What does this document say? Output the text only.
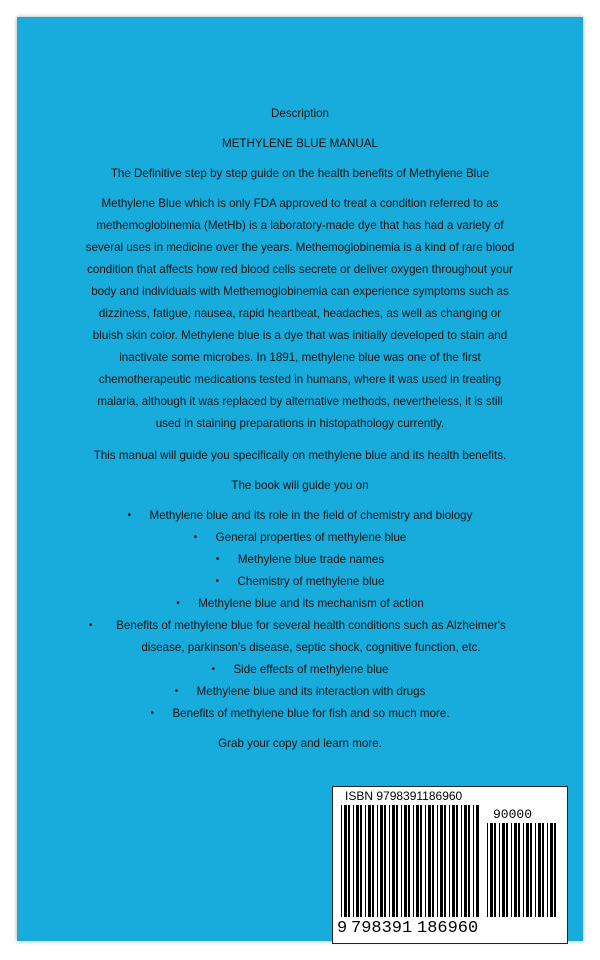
Description

METHYLENE BLUE MANUAL

The Definitive step by step guide on the health benefits of Methylene Blue

Methylene Blue which is only FDA approved to treat a condition referred to as methemoglobinemia (MetHb) is a laboratory-made dye that has had a variety of several uses in medicine over the years. Methemoglobinemia is a kind of rare blood condition that affects how red blood cells secrete or deliver oxygen throughout your body and individuals with Methemoglobinemia can experience symptoms such as dizziness, fatigue, nausea, rapid heartbeat, headaches, as well as changing or bluish skin color. Methylene blue is a dye that was initially developed to stain and inactivate some microbes. In 1891, methylene blue was one of the first chemotherapeutic medications tested in humans, where it was used in treating malaria, although it was replaced by alternative methods, nevertheless, it is still used in staining preparations in histopathology currently.

This manual will guide you specifically on methylene blue and its health benefits.

The book will guide you on

• Methylene blue and its role in the field of chemistry and biology
• General properties of methylene blue
• Methylene blue trade names
• Chemistry of methylene blue
• Methylene blue and its mechanism of action
• Benefits of methylene blue for several health conditions such as Alzheimer's disease, parkinson's disease, septic shock, cognitive function, etc.
• Side effects of methylene blue
• Methylene blue and its interaction with drugs
• Benefits of methylene blue for fish and so much more.

Grab your copy and learn more.

ISBN 9798391186960
90000
9 798391 186960
